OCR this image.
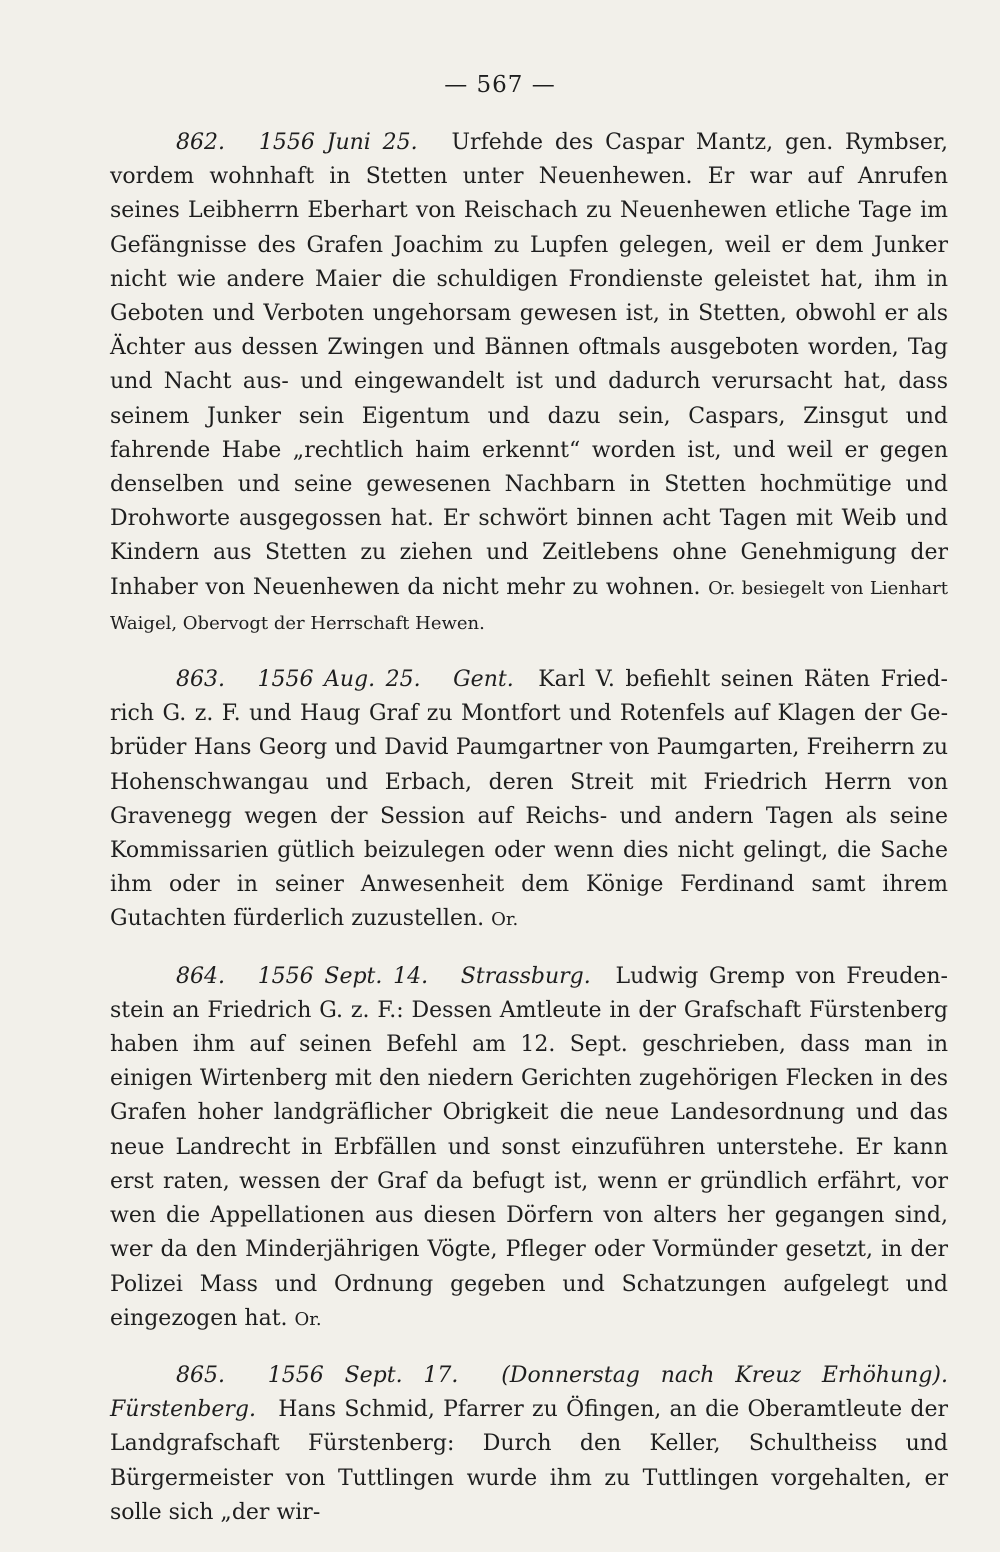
— 567 —

862. 1556 Juni 25. Urfehde des Caspar Mantz, gen. Rymbser, vordem wohnhaft in Stetten unter Neuenhewen. Er war auf Anrufen seines Leibherrn Eberhart von Reischach zu Neuenhewen etliche Tage im Gefängnisse des Grafen Joachim zu Lupfen gelegen, weil er dem Junker nicht wie andere Maier die schuldigen Frondienste geleistet hat, ihm in Geboten und Verboten ungehorsam gewesen ist, in Stetten, obwohl er als Ächter aus dessen Zwingen und Bännen oftmals ausgeboten worden, Tag und Nacht aus- und eingewandelt ist und dadurch verursacht hat, dass seinem Junker sein Eigentum und dazu sein, Caspars, Zinsgut und fahrende Habe „rechtlich haim erkennt“ worden ist, und weil er gegen denselben und seine gewesenen Nachbarn in Stetten hochmütige und Drohworte ausgegossen hat. Er schwört binnen acht Tagen mit Weib und Kindern aus Stetten zu ziehen und Zeitlebens ohne Genehmigung der Inhaber von Neuenhewen da nicht mehr zu wohnen. Or. besiegelt von Lienhart Waigel, Obervogt der Herrschaft Hewen.

863. 1556 Aug. 25. Gent. Karl V. befiehlt seinen Räten Friedrich G. z. F. und Haug Graf zu Montfort und Rotenfels auf Klagen der Gebrüder Hans Georg und David Paumgartner von Paumgarten, Freiherrn zu Hohenschwangau und Erbach, deren Streit mit Friedrich Herrn von Gravenegg wegen der Session auf Reichs- und andern Tagen als seine Kommissarien gütlich beizulegen oder wenn dies nicht gelingt, die Sache ihm oder in seiner Anwesenheit dem Könige Ferdinand samt ihrem Gutachten fürderlich zuzustellen. Or.

864. 1556 Sept. 14. Strassburg. Ludwig Gremp von Freudenstein an Friedrich G. z. F.: Dessen Amtleute in der Grafschaft Fürstenberg haben ihm auf seinen Befehl am 12. Sept. geschrieben, dass man in einigen Wirtenberg mit den niedern Gerichten zugehörigen Flecken in des Grafen hoher landgräflicher Obrigkeit die neue Landesordnung und das neue Landrecht in Erbfällen und sonst einzuführen unterstehe. Er kann erst raten, wessen der Graf da befugt ist, wenn er gründlich erfährt, vor wen die Appellationen aus diesen Dörfern von alters her gegangen sind, wer da den Minderjährigen Vögte, Pfleger oder Vormünder gesetzt, in der Polizei Mass und Ordnung gegeben und Schatzungen aufgelegt und eingezogen hat. Or.

865. 1556 Sept. 17. (Donnerstag nach Kreuz Erhöhung). Fürstenberg. Hans Schmid, Pfarrer zu Öfingen, an die Oberamtleute der Landgrafschaft Fürstenberg: Durch den Keller, Schultheiss und Bürgermeister von Tuttlingen wurde ihm zu Tuttlingen vorgehalten, er solle sich „der wir-
